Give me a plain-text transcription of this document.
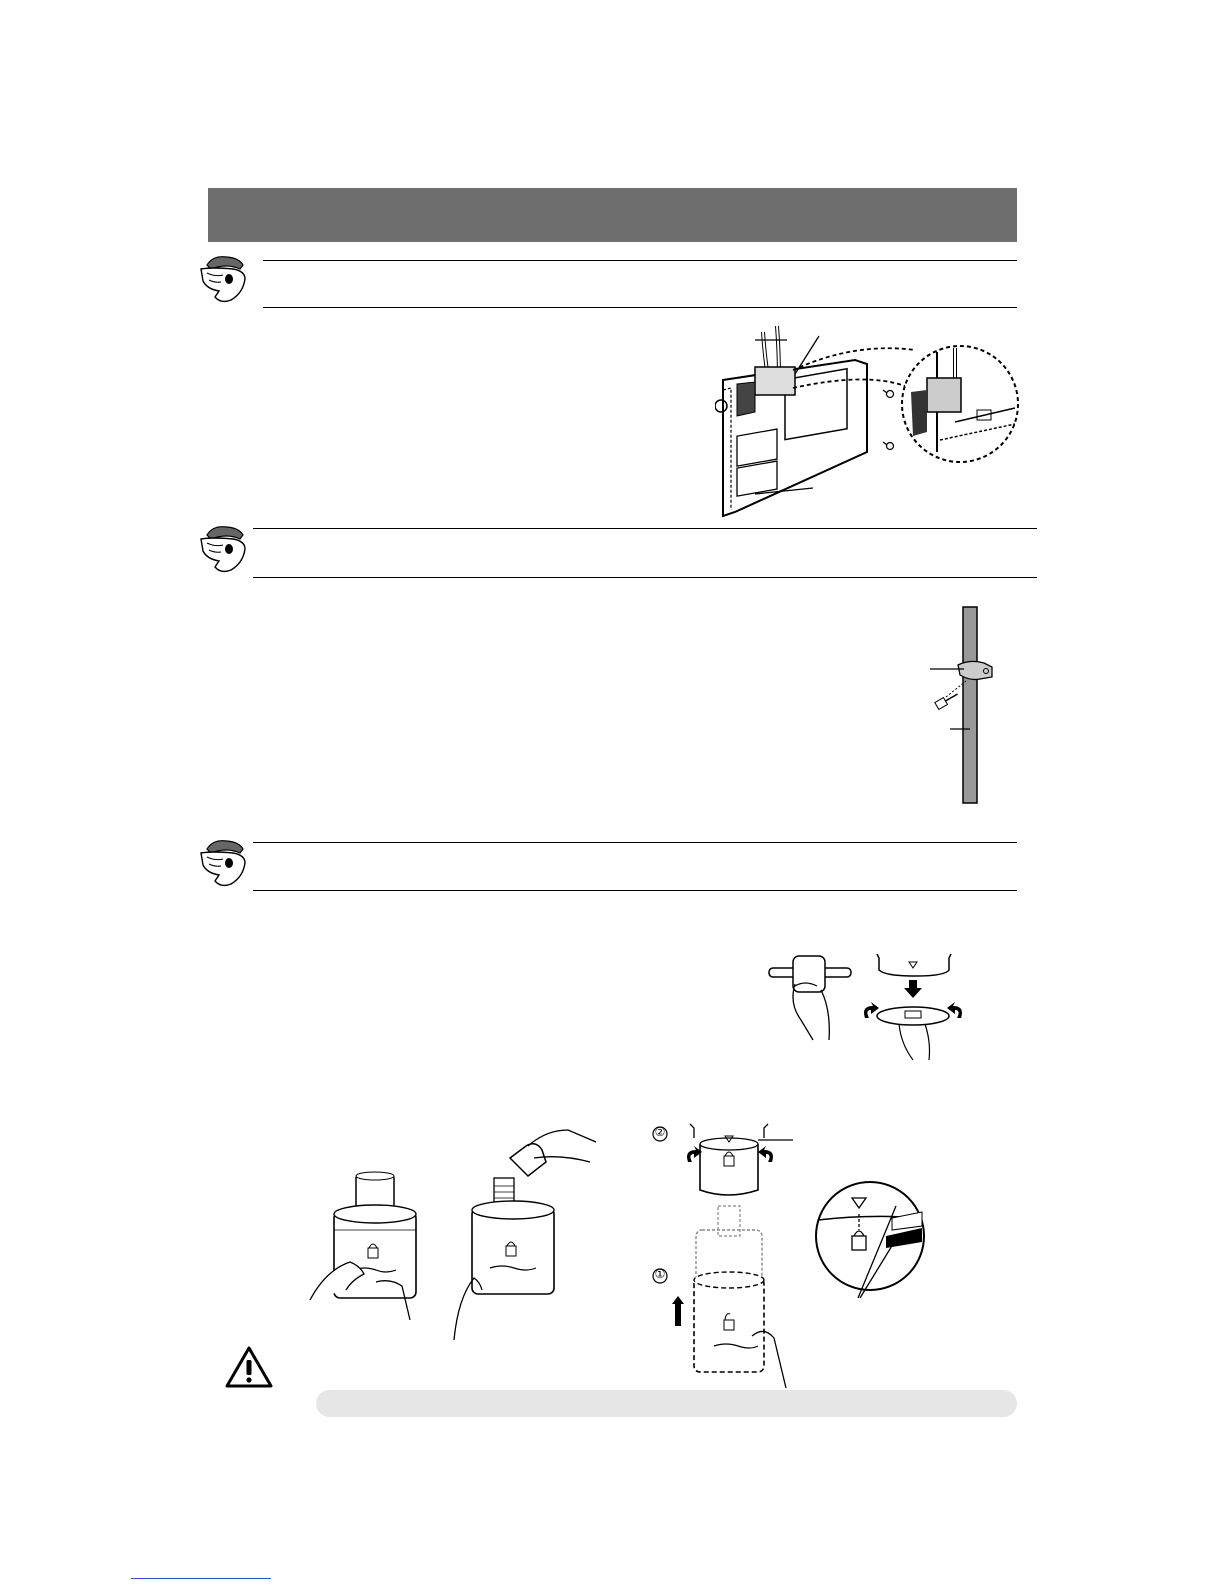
②
①
